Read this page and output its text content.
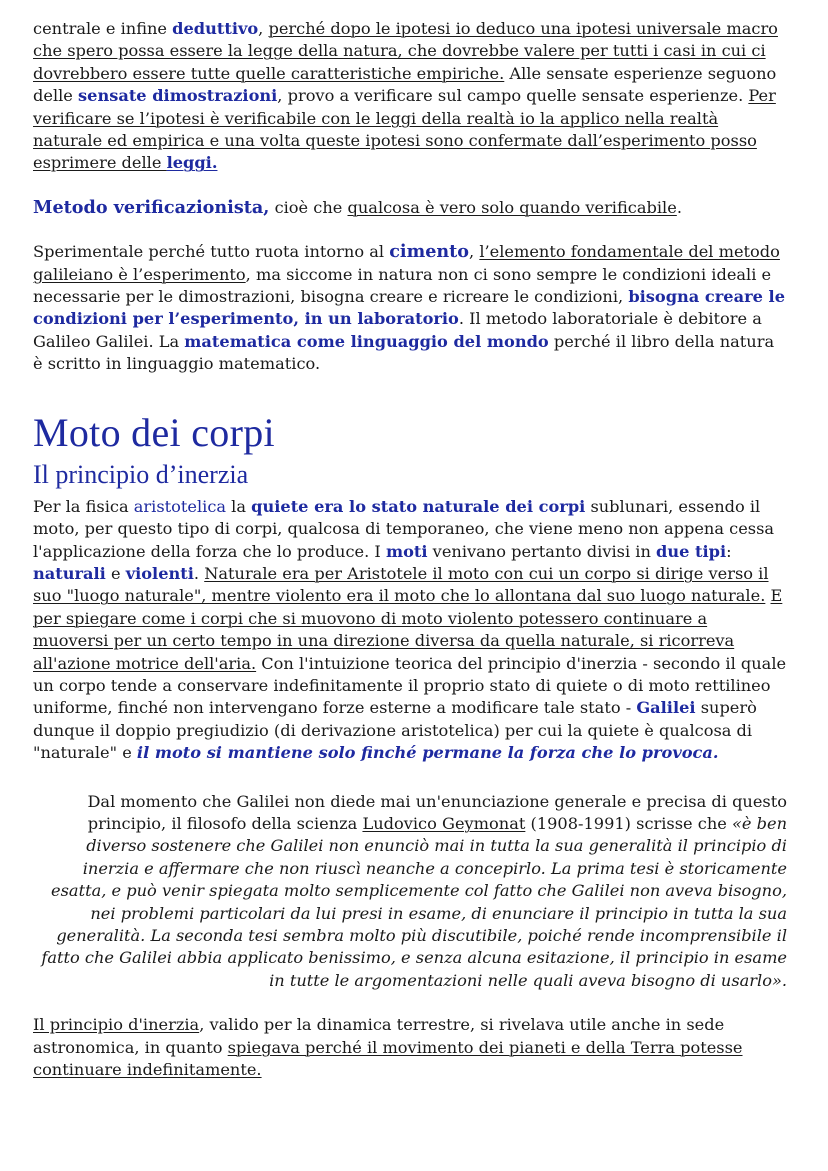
centrale e infine deduttivo, perché dopo le ipotesi io deduco una ipotesi universale macro che spero possa essere la legge della natura, che dovrebbe valere per tutti i casi in cui ci dovrebbero essere tutte quelle caratteristiche empiriche. Alle sensate esperienze seguono delle sensate dimostrazioni, provo a verificare sul campo quelle sensate esperienze. Per verificare se l’ipotesi è verificabile con le leggi della realtà io la applico nella realtà naturale ed empirica e una volta queste ipotesi sono confermate dall’esperimento posso esprimere delle leggi.

Metodo verificazionista, cioè che qualcosa è vero solo quando verificabile.

Sperimentale perché tutto ruota intorno al cimento, l’elemento fondamentale del metodo galileiano è l’esperimento, ma siccome in natura non ci sono sempre le condizioni ideali e necessarie per le dimostrazioni, bisogna creare e ricreare le condizioni, bisogna creare le condizioni per l’esperimento, in un laboratorio. Il metodo laboratoriale è debitore a Galileo Galilei. La matematica come linguaggio del mondo perché il libro della natura è scritto in linguaggio matematico.

Moto dei corpi
Il principio d’inerzia

Per la fisica aristotelica la quiete era lo stato naturale dei corpi sublunari, essendo il moto, per questo tipo di corpi, qualcosa di temporaneo, che viene meno non appena cessa l'applicazione della forza che lo produce. I moti venivano pertanto divisi in due tipi: naturali e violenti. Naturale era per Aristotele il moto con cui un corpo si dirige verso il suo "luogo naturale", mentre violento era il moto che lo allontana dal suo luogo naturale. E per spiegare come i corpi che si muovono di moto violento potessero continuare a muoversi per un certo tempo in una direzione diversa da quella naturale, si ricorreva all'azione motrice dell'aria. Con l'intuizione teorica del principio d'inerzia - secondo il quale un corpo tende a conservare indefinitamente il proprio stato di quiete o di moto rettilineo uniforme, finché non intervengano forze esterne a modificare tale stato - Galilei superò dunque il doppio pregiudizio (di derivazione aristotelica) per cui la quiete è qualcosa di "naturale" e il moto si mantiene solo finché permane la forza che lo provoca.

Dal momento che Galilei non diede mai un'enunciazione generale e precisa di questo principio, il filosofo della scienza Ludovico Geymonat (1908-1991) scrisse che «è ben diverso sostenere che Galilei non enunciò mai in tutta la sua generalità il principio di inerzia e affermare che non riuscì neanche a concepirlo. La prima tesi è storicamente esatta, e può venir spiegata molto semplicemente col fatto che Galilei non aveva bisogno, nei problemi particolari da lui presi in esame, di enunciare il principio in tutta la sua generalità. La seconda tesi sembra molto più discutibile, poiché rende incomprensibile il fatto che Galilei abbia applicato benissimo, e senza alcuna esitazione, il principio in esame in tutte le argomentazioni nelle quali aveva bisogno di usarlo».

Il principio d'inerzia, valido per la dinamica terrestre, si rivelava utile anche in sede astronomica, in quanto spiegava perché il movimento dei pianeti e della Terra potesse continuare indefinitamente.
